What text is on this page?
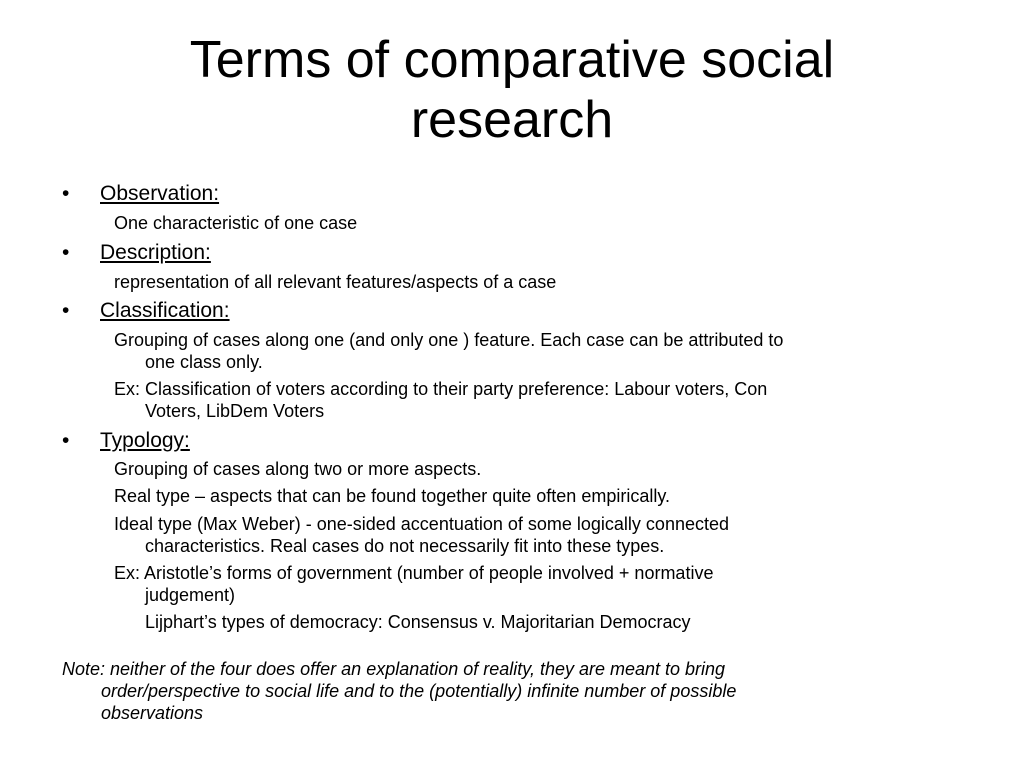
Terms of comparative social
research
• Observation:
One characteristic of one case
• Description:
representation of all relevant features/aspects of a case
• Classification:
Grouping of cases along one (and only one ) feature. Each case can be attributed to
one class only.
Ex: Classification of voters according to their party preference: Labour voters, Con
Voters, LibDem Voters
• Typology:
Grouping of cases along two or more aspects.
Real type – aspects that can be found together quite often empirically.
Ideal type (Max Weber) - one-sided accentuation of some logically connected
characteristics. Real cases do not necessarily fit into these types.
Ex: Aristotle’s forms of government (number of people involved + normative
judgement)
Lijphart’s types of democracy: Consensus v. Majoritarian Democracy
Note: neither of the four does offer an explanation of reality, they are meant to bring
order/perspective to social life and to the (potentially) infinite number of possible
observations
